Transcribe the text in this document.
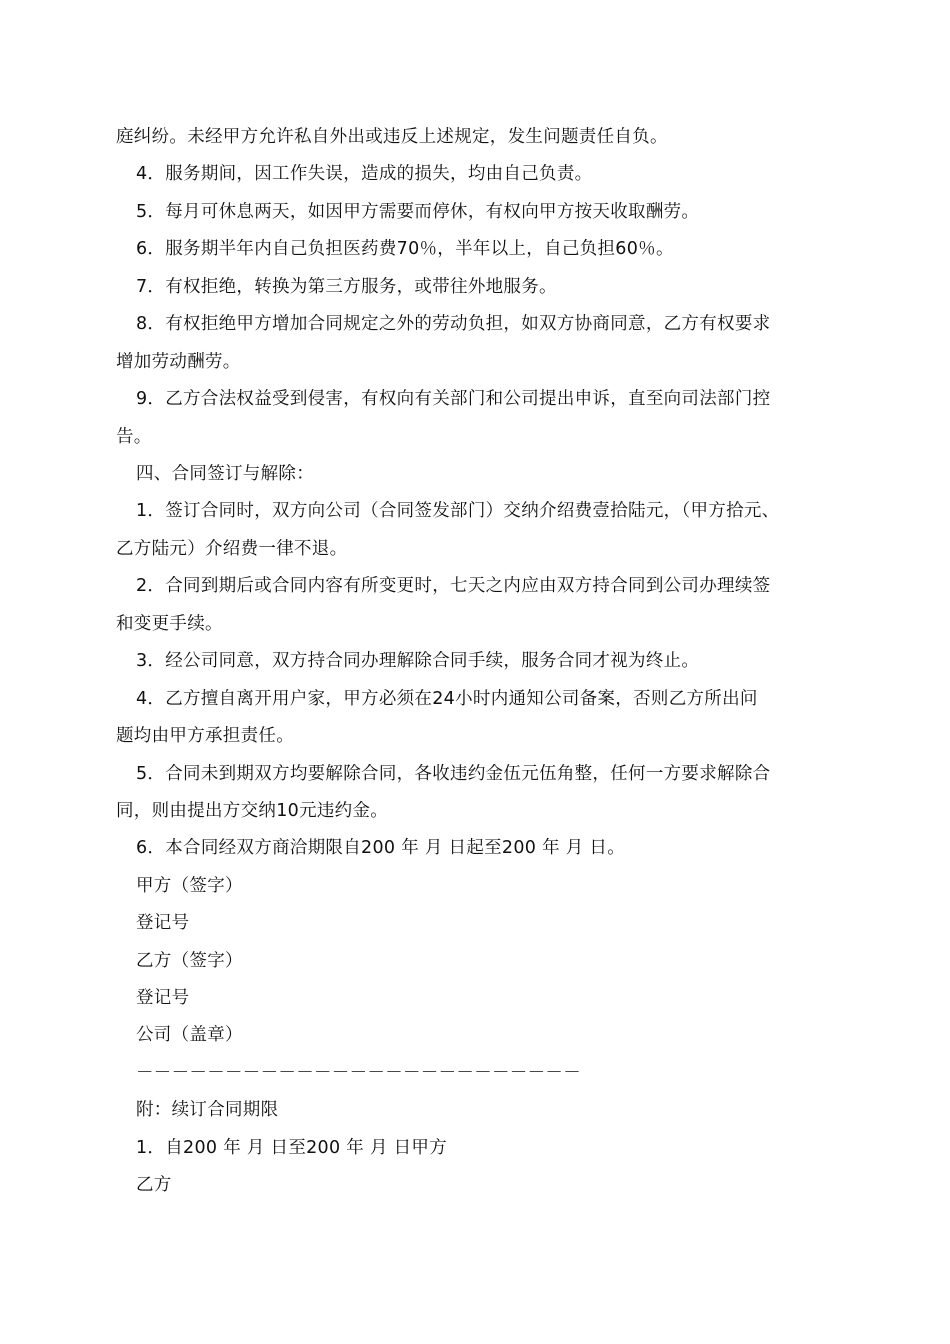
庭纠纷。未经甲方允许私自外出或违反上述规定，发生问题责任自负。
4．服务期间，因工作失误，造成的损失，均由自己负责。
5．每月可休息两天，如因甲方需要而停休，有权向甲方按天收取酬劳。
6．服务期半年内自己负担医药费70％，半年以上，自己负担60％。
7．有权拒绝，转换为第三方服务，或带往外地服务。
8．有权拒绝甲方增加合同规定之外的劳动负担，如双方协商同意，乙方有权要求
增加劳动酬劳。
9．乙方合法权益受到侵害，有权向有关部门和公司提出申诉，直至向司法部门控
告。
四、合同签订与解除：
1．签订合同时，双方向公司（合同签发部门）交纳介绍费壹拾陆元，（甲方拾元、
乙方陆元）介绍费一律不退。
2．合同到期后或合同内容有所变更时，七天之内应由双方持合同到公司办理续签
和变更手续。
3．经公司同意，双方持合同办理解除合同手续，服务合同才视为终止。
4．乙方擅自离开用户家，甲方必须在24小时内通知公司备案，否则乙方所出问
题均由甲方承担责任。
5．合同未到期双方均要解除合同，各收违约金伍元伍角整，任何一方要求解除合
同，则由提出方交纳10元违约金。
6．本合同经双方商洽期限自200 年 月 日起至200 年 月 日。
甲方（签字）
登记号
乙方（签字）
登记号
公司（盖章）
－－－－－－－－－－－－－－－－－－－－－－－－－
附：续订合同期限
1．自200 年 月 日至200 年 月 日甲方
乙方
